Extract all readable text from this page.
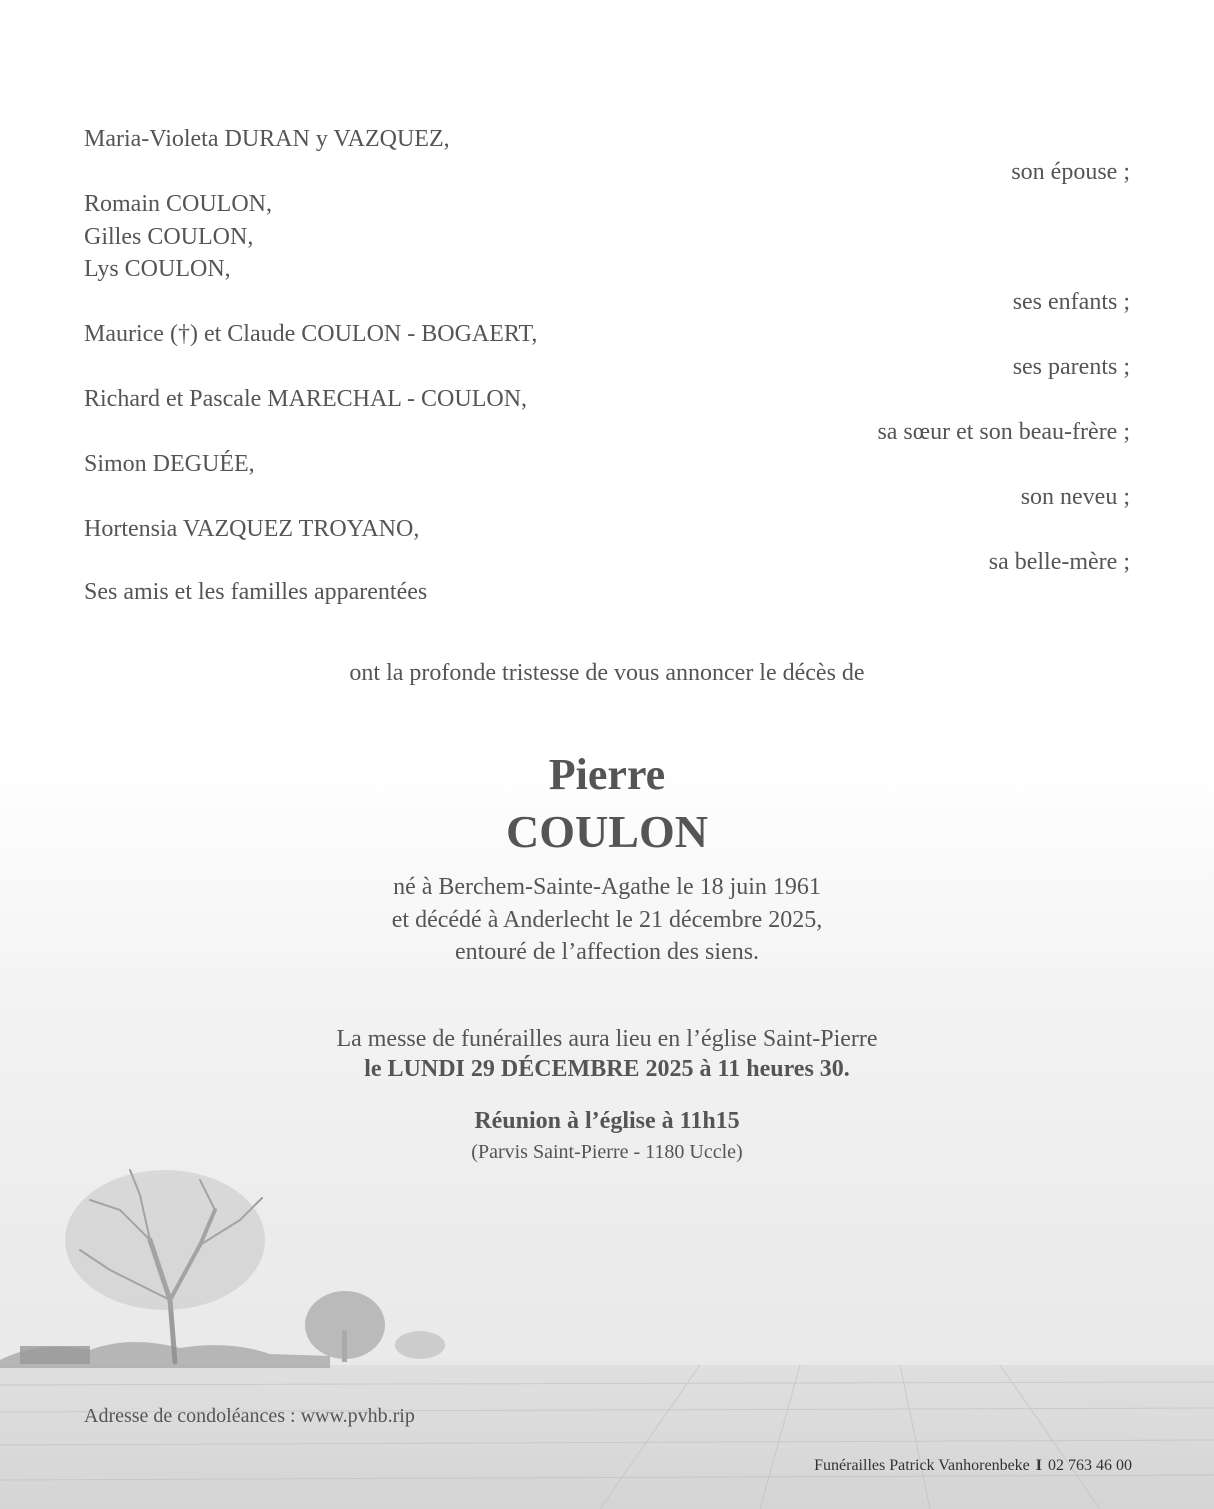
Maria-Violeta DURAN y VAZQUEZ,
son épouse ;
Romain COULON,
Gilles COULON,
Lys COULON,
ses enfants ;
Maurice (†) et Claude COULON - BOGAERT,
ses parents ;
Richard et Pascale MARECHAL - COULON,
sa sœur et son beau-frère ;
Simon DEGUÉE,
son neveu ;
Hortensia VAZQUEZ TROYANO,
sa belle-mère ;
Ses amis et les familles apparentées
ont la profonde tristesse de vous annoncer le décès de
Pierre
COULON
né à Berchem-Sainte-Agathe le 18 juin 1961
et décédé à Anderlecht le 21 décembre 2025,
entouré de l’affection des siens.
La messe de funérailles aura lieu en l’église Saint-Pierre
le LUNDI 29 DÉCEMBRE 2025 à 11 heures 30.
Réunion à l’église à 11h15
(Parvis Saint-Pierre - 1180 Uccle)
Adresse de condoléances : www.pvhb.rip
Funérailles Patrick Vanhorenbeke I 02 763 46 00
